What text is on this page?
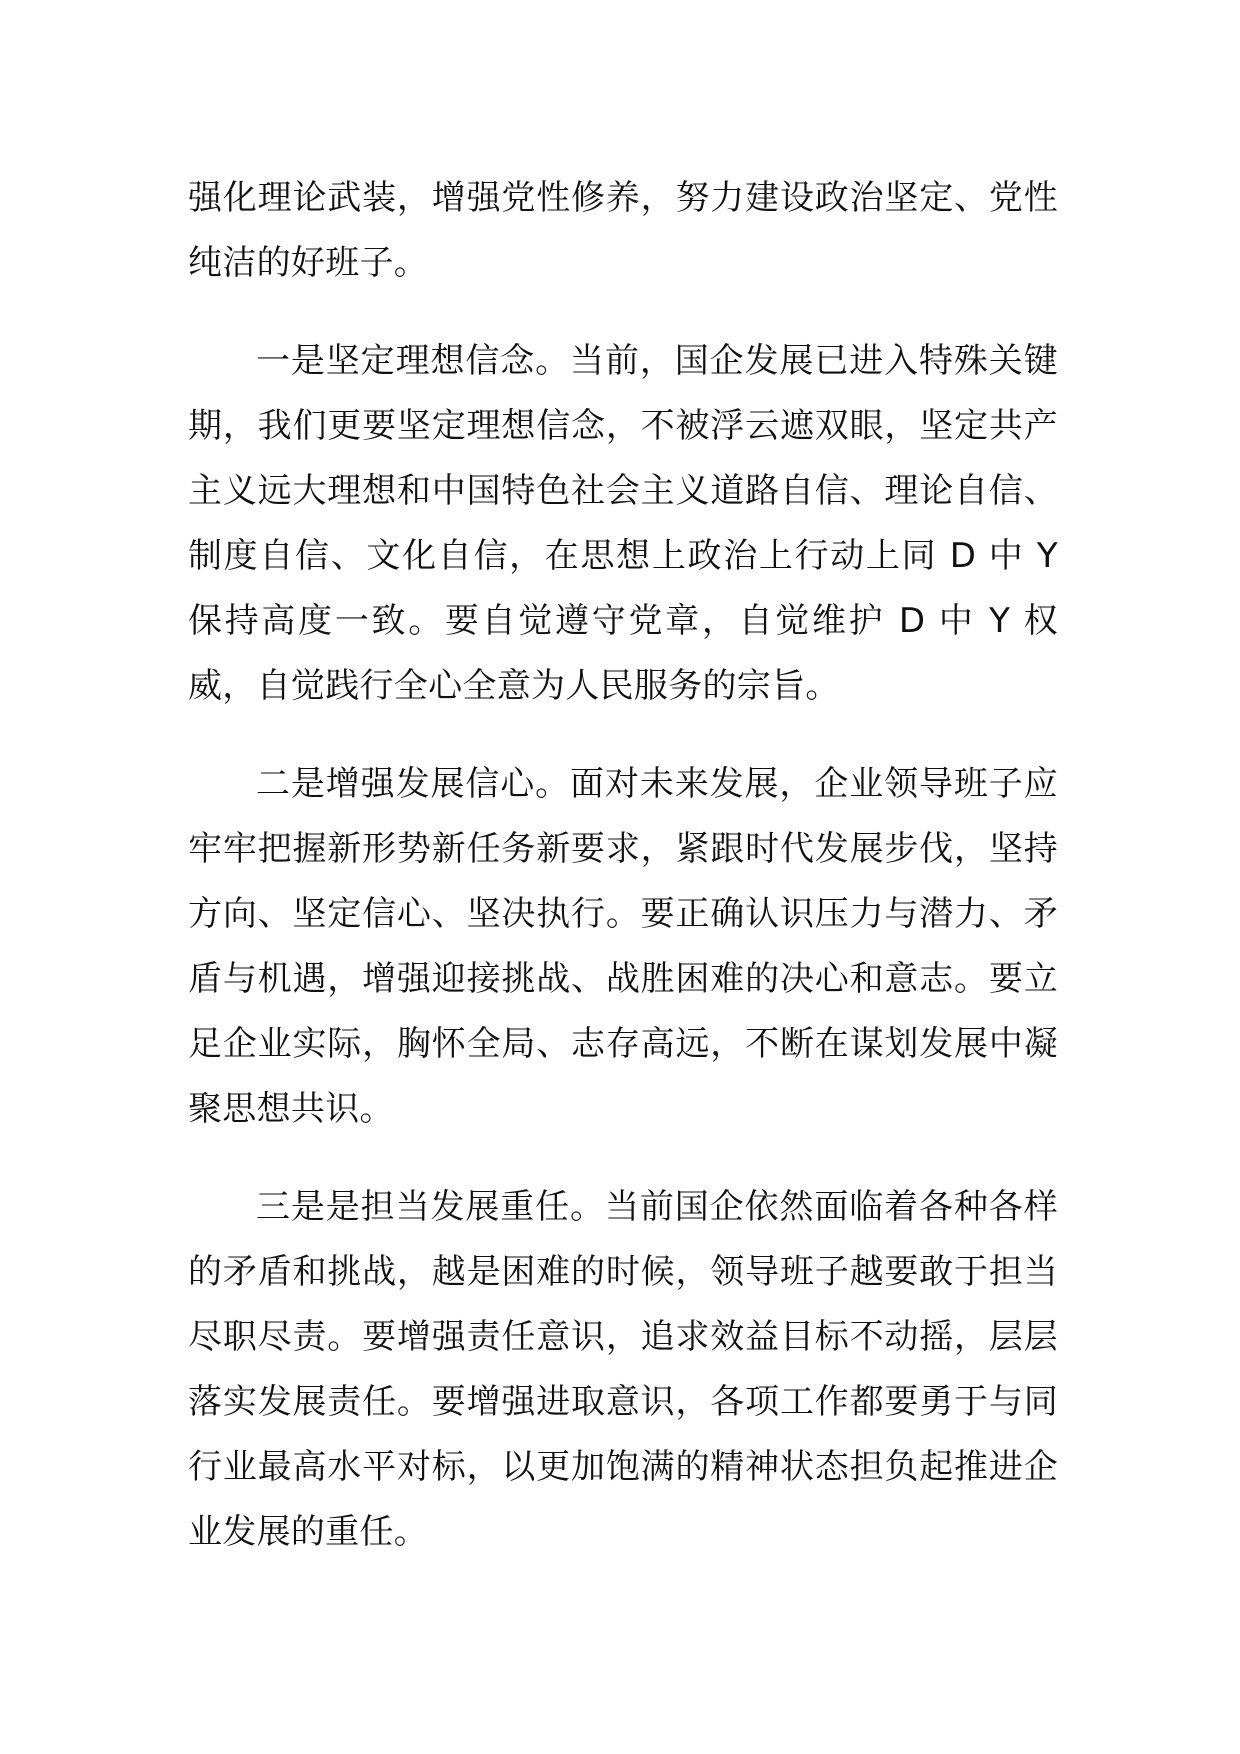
强化理论武装，增强党性修养，努力建设政治坚定、党性纯洁的好班子。

一是坚定理想信念。当前，国企发展已进入特殊关键期，我们更要坚定理想信念，不被浮云遮双眼，坚定共产主义远大理想和中国特色社会主义道路自信、理论自信、制度自信、文化自信，在思想上政治上行动上同 D 中 Y 保持高度一致。要自觉遵守党章，自觉维护 D 中 Y 权威，自觉践行全心全意为人民服务的宗旨。

二是增强发展信心。面对未来发展，企业领导班子应牢牢把握新形势新任务新要求，紧跟时代发展步伐，坚持方向、坚定信心、坚决执行。要正确认识压力与潜力、矛盾与机遇，增强迎接挑战、战胜困难的决心和意志。要立足企业实际，胸怀全局、志存高远，不断在谋划发展中凝聚思想共识。

三是是担当发展重任。当前国企依然面临着各种各样的矛盾和挑战，越是困难的时候，领导班子越要敢于担当尽职尽责。要增强责任意识，追求效益目标不动摇，层层落实发展责任。要增强进取意识，各项工作都要勇于与同行业最高水平对标，以更加饱满的精神状态担负起推进企业发展的重任。
